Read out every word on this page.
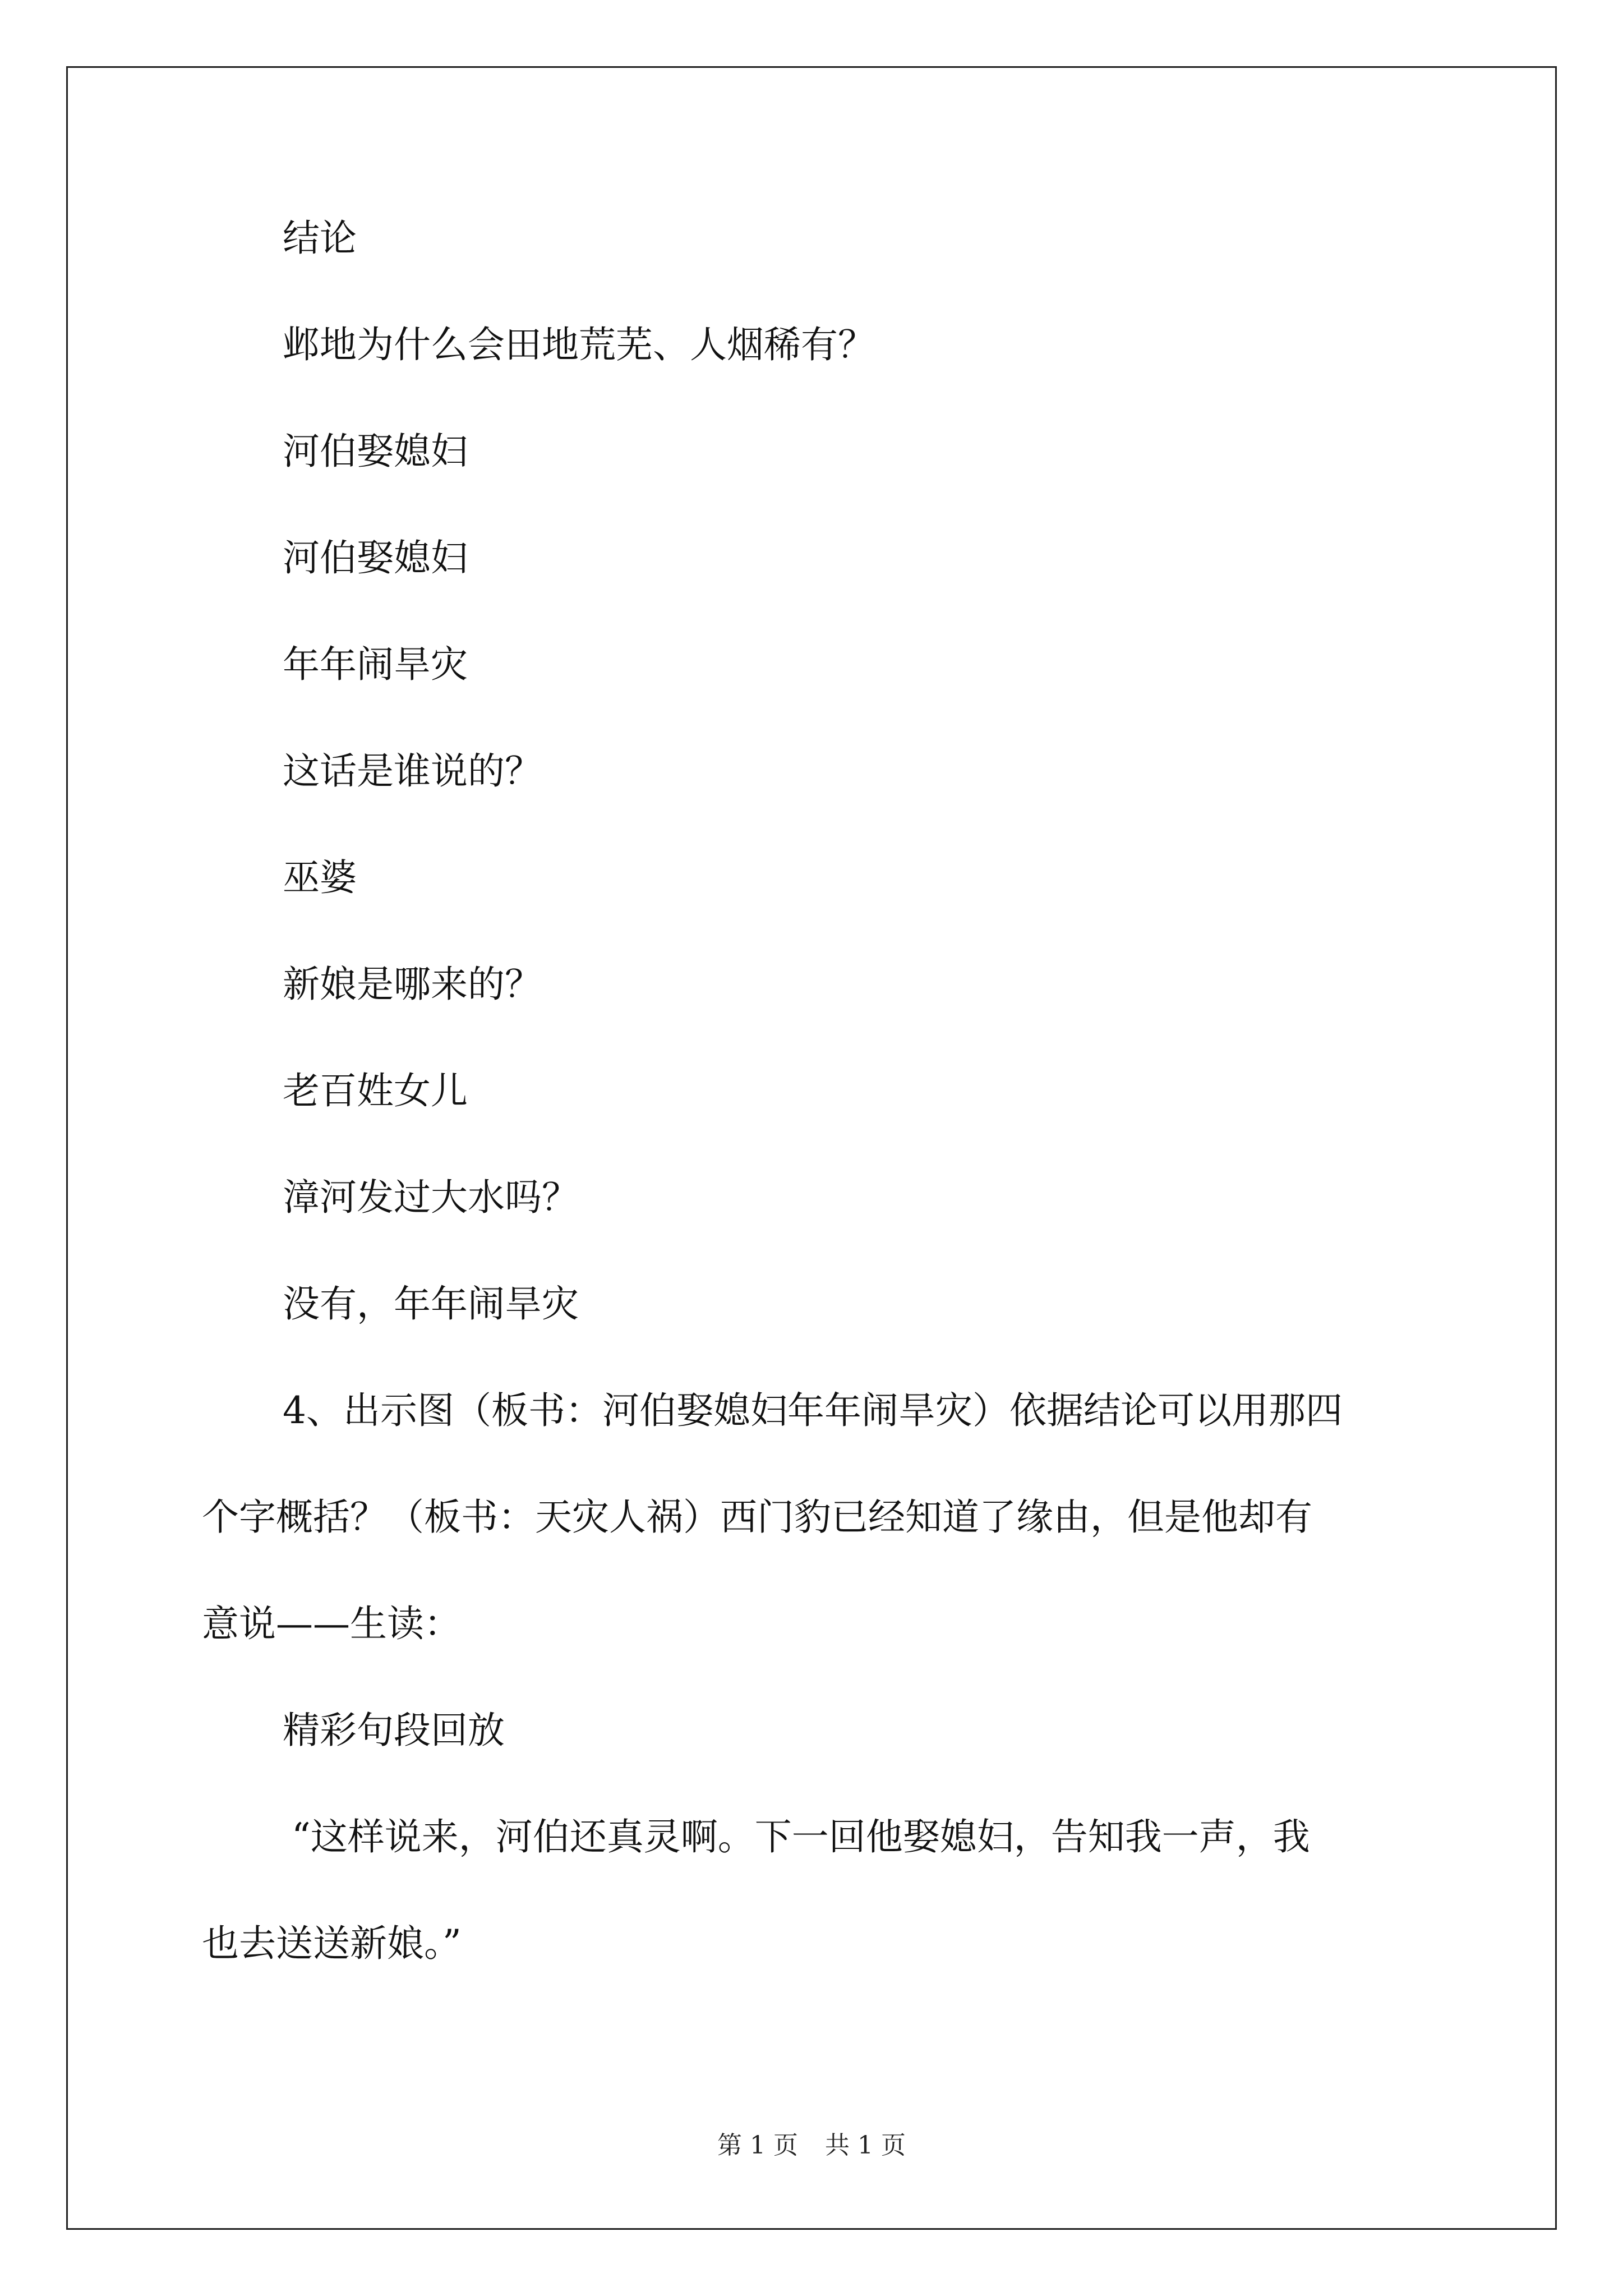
结论
邺地为什么会田地荒芜、人烟稀有？
河伯娶媳妇
河伯娶媳妇
年年闹旱灾
这话是谁说的？
巫婆
新娘是哪来的？
老百姓女儿
漳河发过大水吗？
没有，年年闹旱灾
4、出示图（板书：河伯娶媳妇年年闹旱灾）依据结论可以用那四
个字概括？（板书：天灾人祸）西门豹已经知道了缘由，但是他却有
意说——生读：
精彩句段回放
“这样说来，河伯还真灵啊。下一回他娶媳妇，告知我一声，我
也去送送新娘。”
第 1 页 共 1 页
